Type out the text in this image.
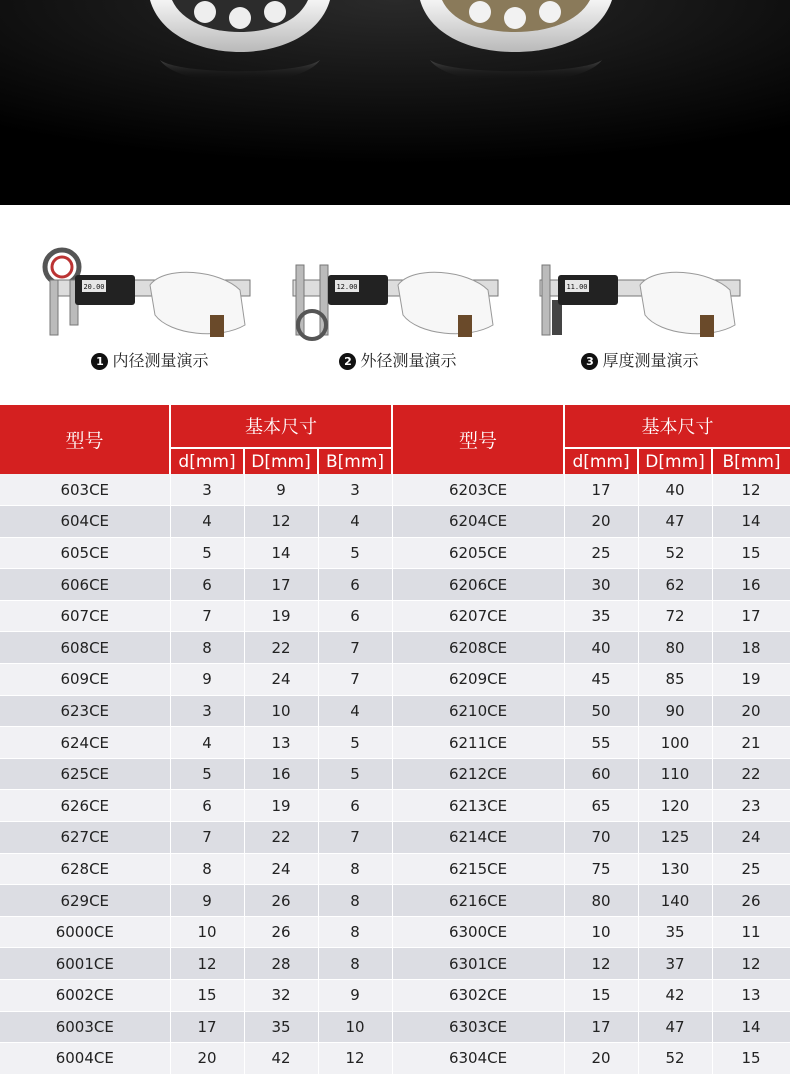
20.00
1 内径测量演示
12.00
2 外径测量演示
11.00
3 厚度测量演示
型号	基本尺寸			型号	基本尺寸		
	d[mm]	D[mm]	B[mm]		d[mm]	D[mm]	B[mm]
603CE	3	9	3	6203CE	17	40	12
604CE	4	12	4	6204CE	20	47	14
605CE	5	14	5	6205CE	25	52	15
606CE	6	17	6	6206CE	30	62	16
607CE	7	19	6	6207CE	35	72	17
608CE	8	22	7	6208CE	40	80	18
609CE	9	24	7	6209CE	45	85	19
623CE	3	10	4	6210CE	50	90	20
624CE	4	13	5	6211CE	55	100	21
625CE	5	16	5	6212CE	60	110	22
626CE	6	19	6	6213CE	65	120	23
627CE	7	22	7	6214CE	70	125	24
628CE	8	24	8	6215CE	75	130	25
629CE	9	26	8	6216CE	80	140	26
6000CE	10	26	8	6300CE	10	35	11
6001CE	12	28	8	6301CE	12	37	12
6002CE	15	32	9	6302CE	15	42	13
6003CE	17	35	10	6303CE	17	47	14
6004CE	20	42	12	6304CE	20	52	15
